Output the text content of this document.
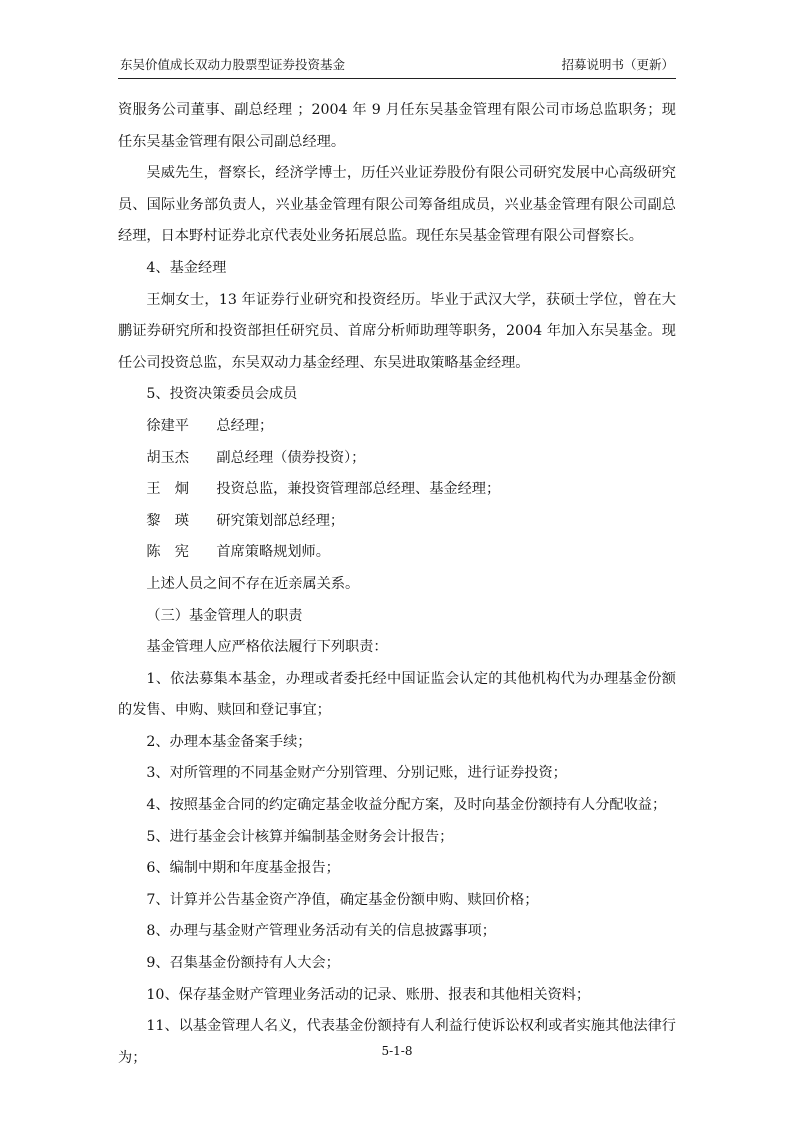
东吴价值成长双动力股票型证券投资基金	招募说明书（更新）

资服务公司董事、副总经理 ；2004 年 9 月任东吴基金管理有限公司市场总监职务；现任东吴基金管理有限公司副总经理。

吴威先生，督察长，经济学博士，历任兴业证券股份有限公司研究发展中心高级研究员、国际业务部负责人，兴业基金管理有限公司筹备组成员，兴业基金管理有限公司副总经理，日本野村证券北京代表处业务拓展总监。现任东吴基金管理有限公司督察长。

4、基金经理

王炯女士，13 年证券行业研究和投资经历。毕业于武汉大学，获硕士学位，曾在大鹏证券研究所和投资部担任研究员、首席分析师助理等职务，2004 年加入东吴基金。现任公司投资总监，东吴双动力基金经理、东吴进取策略基金经理。

5、投资决策委员会成员

徐建平	总经理；
胡玉杰	副总经理（债券投资）；
王　炯	投资总监，兼投资管理部总经理、基金经理；
黎　瑛	研究策划部总经理；
陈　宪	首席策略规划师。

上述人员之间不存在近亲属关系。

（三）基金管理人的职责

基金管理人应严格依法履行下列职责：

1、依法募集本基金，办理或者委托经中国证监会认定的其他机构代为办理基金份额的发售、申购、赎回和登记事宜；

2、办理本基金备案手续；

3、对所管理的不同基金财产分别管理、分别记账，进行证券投资；

4、按照基金合同的约定确定基金收益分配方案，及时向基金份额持有人分配收益；

5、进行基金会计核算并编制基金财务会计报告；

6、编制中期和年度基金报告；

7、计算并公告基金资产净值，确定基金份额申购、赎回价格；

8、办理与基金财产管理业务活动有关的信息披露事项；

9、召集基金份额持有人大会；

10、保存基金财产管理业务活动的记录、账册、报表和其他相关资料；

11、以基金管理人名义，代表基金份额持有人利益行使诉讼权利或者实施其他法律行为；	5-1-8
